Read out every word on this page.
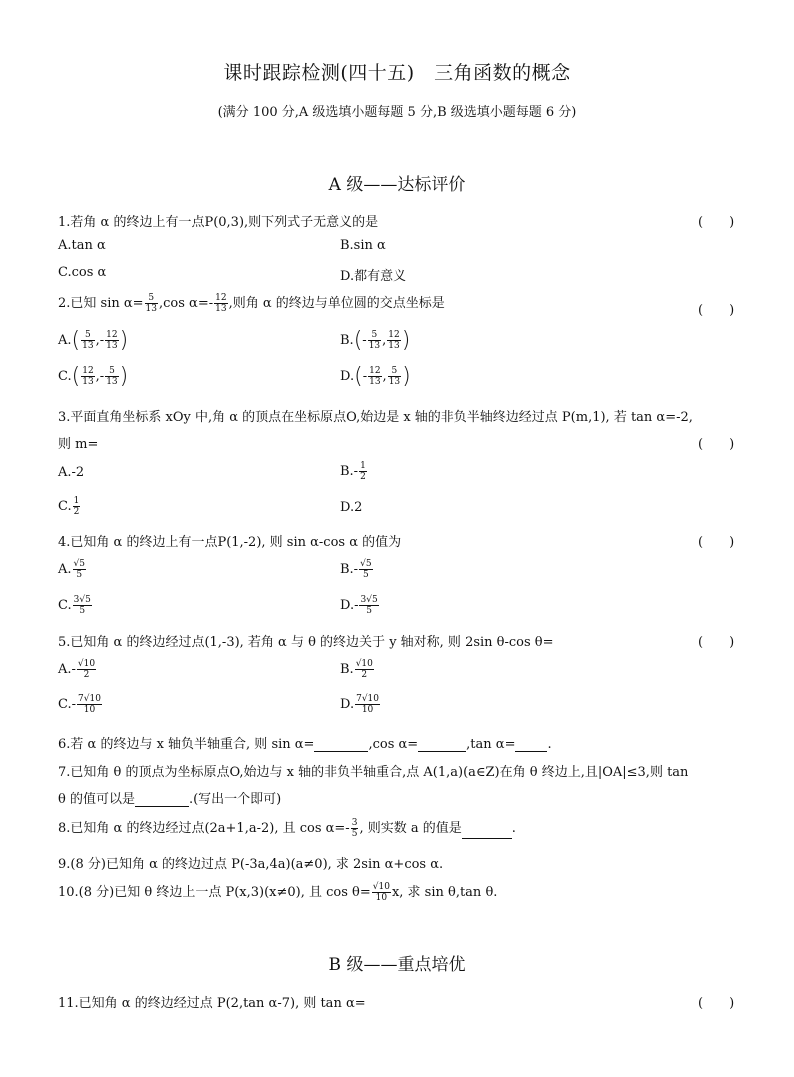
课时跟踪检测(四十五)　三角函数的概念
(满分 100 分,A 级选填小题每题 5 分,B 级选填小题每题 6 分)
A 级——达标评价
1.若角 α 的终边上有一点P(0,3),则下列式子无意义的是	(　　)
A.tan α	B.sin α
C.cos α	D.都有意义
2.已知 $\sin \alpha= \frac{5}{13} ,\cos$ $\alpha=- \frac{12}{13}$ ,则角 α 的终边与单位圆的交点坐标是	(　　)
$A.( \frac{5}{13}$ ,- $\frac{12}{13}$ )	$B.(- \frac{5}{13}$ , $\frac{12}{13}$ )
$C.( \frac{12}{13}$ ,- $\frac{5}{13}$ )	$D.(- \frac{12}{13}$ , $\frac{5}{13}$ )
3.平面直角坐标系 xOy 中,角 α 的顶点在坐标原点O,始边是 x 轴的非负半轴终边经过点 P(m,1), 若 tan α=-2,
则 m=	(　　)
A.-2	$B.- \frac{1}{2}$
C. $\frac{1}{2}$	D.2
4.已知角 α 的终边上有一点P(1,-2), 则 sin α-cos α 的值为	(　　)
A. $\frac{√5}{5}$	$B.- \frac{√5}{5}$
C. $\frac{3√5}{5}$	$D.- \frac{3√5}{5}$
5.已知角 α 的终边经过点(1,-3), 若角 α 与 θ 的终边关于 y 轴对称, 则 2sin θ-cos θ=	(　　)
$A.- \frac{√10}{2}$	B. $\frac{√10}{2}$
$C.- \frac{7√10}{10}$	D. $\frac{7√10}{10}$
6.若 α 的终边与 x 轴负半轴重合, 则 sin α=	,cos α=	,tan α= .
7.已知角 θ 的顶点为坐标原点O,始边与 x 轴的非负半轴重合,点 A(1,a)(a∈Z)在角 θ 终边上,且|OA|≤3,则 tan
θ 的值可以是	.(写出一个即可)
8.已知角 α 的终边经过点(2a+1,a-2), 且 $\cos \alpha=- \frac{3}{5}$ , 则实数 a 的值是	.
9.(8 分)已知角 α 的终边过点 P(-3a,4a)(a≠0), 求 2sin α+cos α.
10.(8 分)已知 θ 终边上一点 P(x,3)(x≠0), 且 $\cos \theta= \frac{√10}{10} x$, 求 sin θ,tan θ.
B 级——重点培优
11.已知角 α 的终边经过点 P(2,tan α-7), 则 tan α=	(　　)
